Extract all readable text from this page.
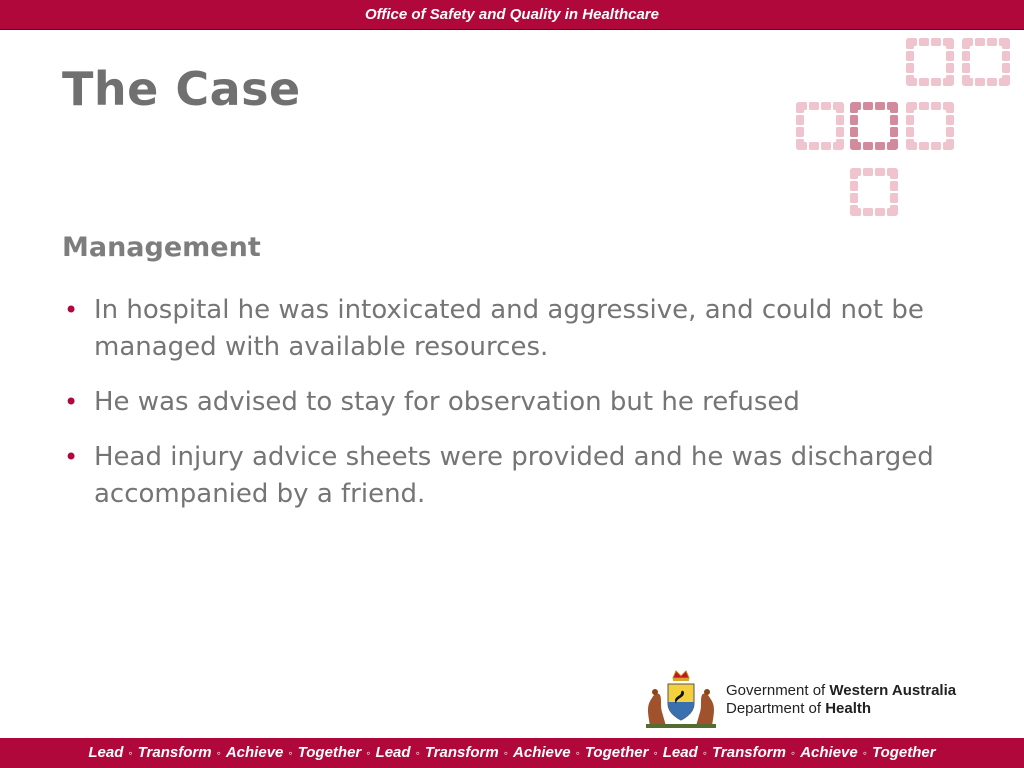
Office of Safety and Quality in Healthcare
The Case
Management
• In hospital he was intoxicated and aggressive, and could not be managed with available resources.
• He was advised to stay for observation but he refused
• Head injury advice sheets were provided and he was discharged accompanied by a friend.
Government of Western Australia
Department of Health
Lead ◦ Transform ◦ Achieve ◦ Together ◦ Lead ◦ Transform ◦ Achieve ◦ Together ◦ Lead ◦ Transform ◦ Achieve ◦ Together
